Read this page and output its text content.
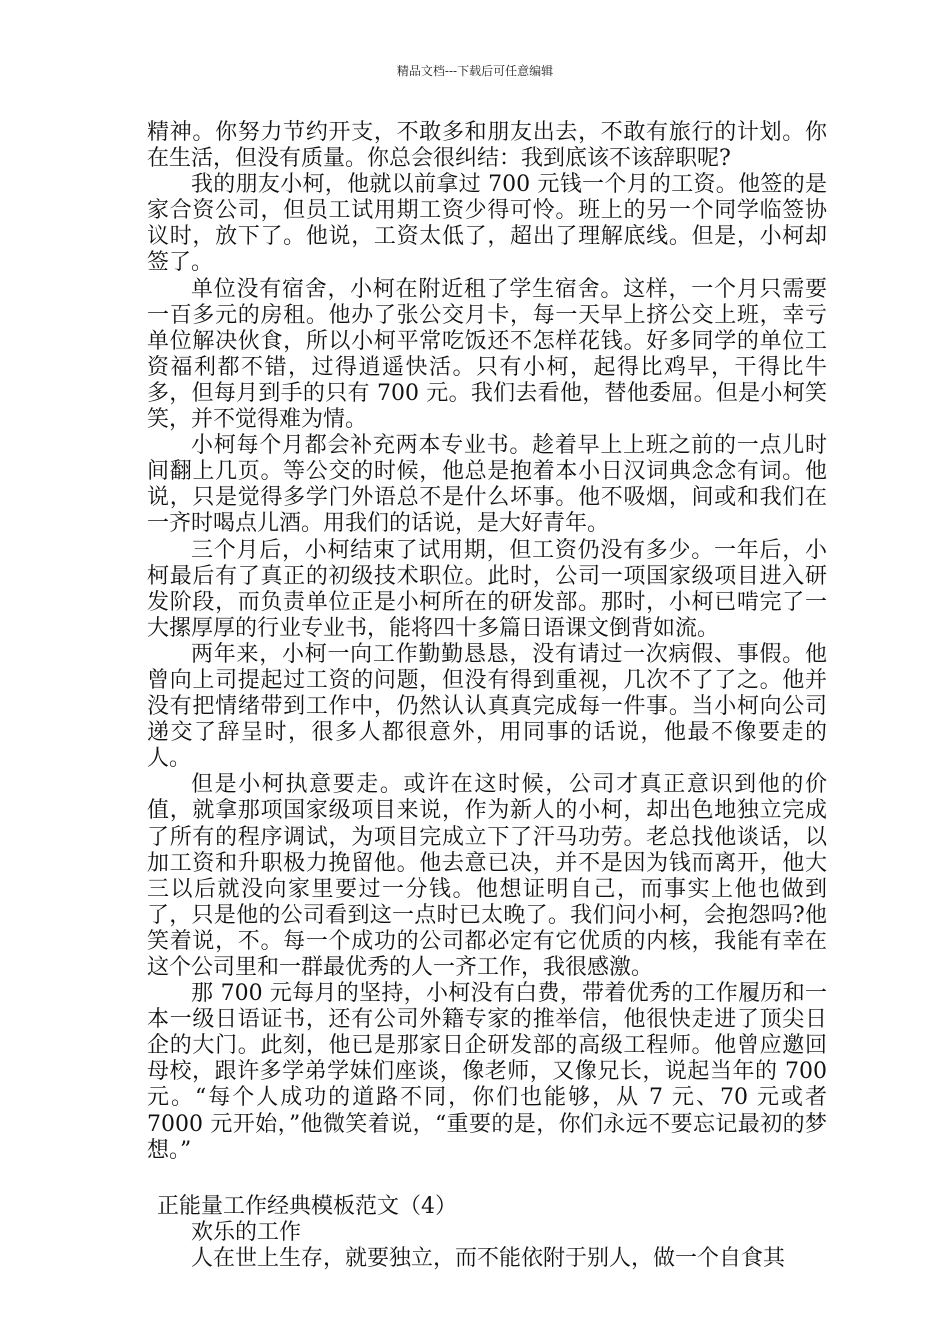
精品文档---下载后可任意编辑

精神。你努力节约开支，不敢多和朋友出去，不敢有旅行的计划。你在生活，但没有质量。你总会很纠结：我到底该不该辞职呢?

我的朋友小柯，他就以前拿过 700 元钱一个月的工资。他签的是家合资公司，但员工试用期工资少得可怜。班上的另一个同学临签协议时，放下了。他说，工资太低了，超出了理解底线。但是，小柯却签了。

单位没有宿舍，小柯在附近租了学生宿舍。这样，一个月只需要一百多元的房租。他办了张公交月卡，每一天早上挤公交上班，幸亏单位解决伙食，所以小柯平常吃饭还不怎样花钱。好多同学的单位工资福利都不错，过得逍遥快活。只有小柯，起得比鸡早，干得比牛多，但每月到手的只有 700 元。我们去看他，替他委屈。但是小柯笑笑，并不觉得难为情。

小柯每个月都会补充两本专业书。趁着早上上班之前的一点儿时间翻上几页。等公交的时候，他总是抱着本小日汉词典念念有词。他说，只是觉得多学门外语总不是什么坏事。他不吸烟，间或和我们在一齐时喝点儿酒。用我们的话说，是大好青年。

三个月后，小柯结束了试用期，但工资仍没有多少。一年后，小柯最后有了真正的初级技术职位。此时，公司一项国家级项目进入研发阶段，而负责单位正是小柯所在的研发部。那时，小柯已啃完了一大摞厚厚的行业专业书，能将四十多篇日语课文倒背如流。

两年来，小柯一向工作勤勤恳恳，没有请过一次病假、事假。他曾向上司提起过工资的问题，但没有得到重视，几次不了了之。他并没有把情绪带到工作中，仍然认认真真完成每一件事。当小柯向公司递交了辞呈时，很多人都很意外，用同事的话说，他最不像要走的人。

但是小柯执意要走。或许在这时候，公司才真正意识到他的价值，就拿那项国家级项目来说，作为新人的小柯，却出色地独立完成了所有的程序调试，为项目完成立下了汗马功劳。老总找他谈话，以加工资和升职极力挽留他。他去意已决，并不是因为钱而离开，他大三以后就没向家里要过一分钱。他想证明自己，而事实上他也做到了，只是他的公司看到这一点时已太晚了。我们问小柯，会抱怨吗?他笑着说，不。每一个成功的公司都必定有它优质的内核，我能有幸在这个公司里和一群最优秀的人一齐工作，我很感激。

那 700 元每月的坚持，小柯没有白费，带着优秀的工作履历和一本一级日语证书，还有公司外籍专家的推举信，他很快走进了顶尖日企的大门。此刻，他已是那家日企研发部的高级工程师。他曾应邀回母校，跟许多学弟学妹们座谈，像老师，又像兄长，说起当年的 700 元。“每个人成功的道路不同，你们也能够，从 7 元、70 元或者 7000 元开始，”他微笑着说，“重要的是，你们永远不要忘记最初的梦想。”

正能量工作经典模板范文（4）

欢乐的工作

人在世上生存，就要独立，而不能依附于别人，做一个自食其
